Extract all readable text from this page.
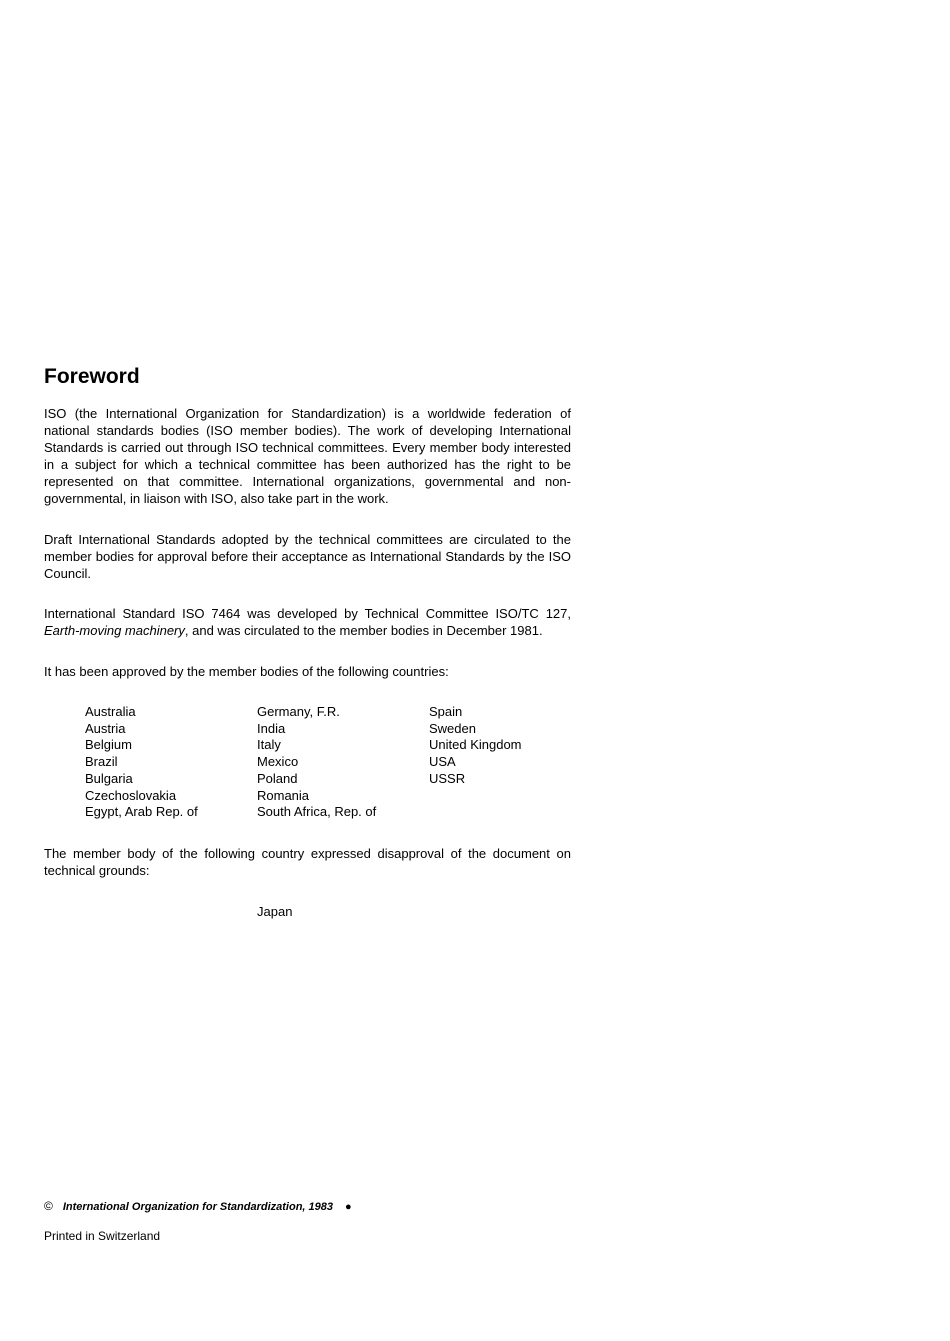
Foreword

ISO (the International Organization for Standardization) is a worldwide federation of national standards bodies (ISO member bodies). The work of developing International Standards is carried out through ISO technical committees. Every member body interested in a subject for which a technical committee has been authorized has the right to be represented on that committee. International organizations, governmental and non-governmental, in liaison with ISO, also take part in the work.

Draft International Standards adopted by the technical committees are circulated to the member bodies for approval before their acceptance as International Standards by the ISO Council.

International Standard ISO 7464 was developed by Technical Committee ISO/TC 127, Earth-moving machinery, and was circulated to the member bodies in December 1981.

It has been approved by the member bodies of the following countries:

Australia
Austria
Belgium
Brazil
Bulgaria
Czechoslovakia
Egypt, Arab Rep. of
Germany, F.R.
India
Italy
Mexico
Poland
Romania
South Africa, Rep. of
Spain
Sweden
United Kingdom
USA
USSR

The member body of the following country expressed disapproval of the document on technical grounds:

Japan
© International Organization for Standardization, 1983 ●
Printed in Switzerland
